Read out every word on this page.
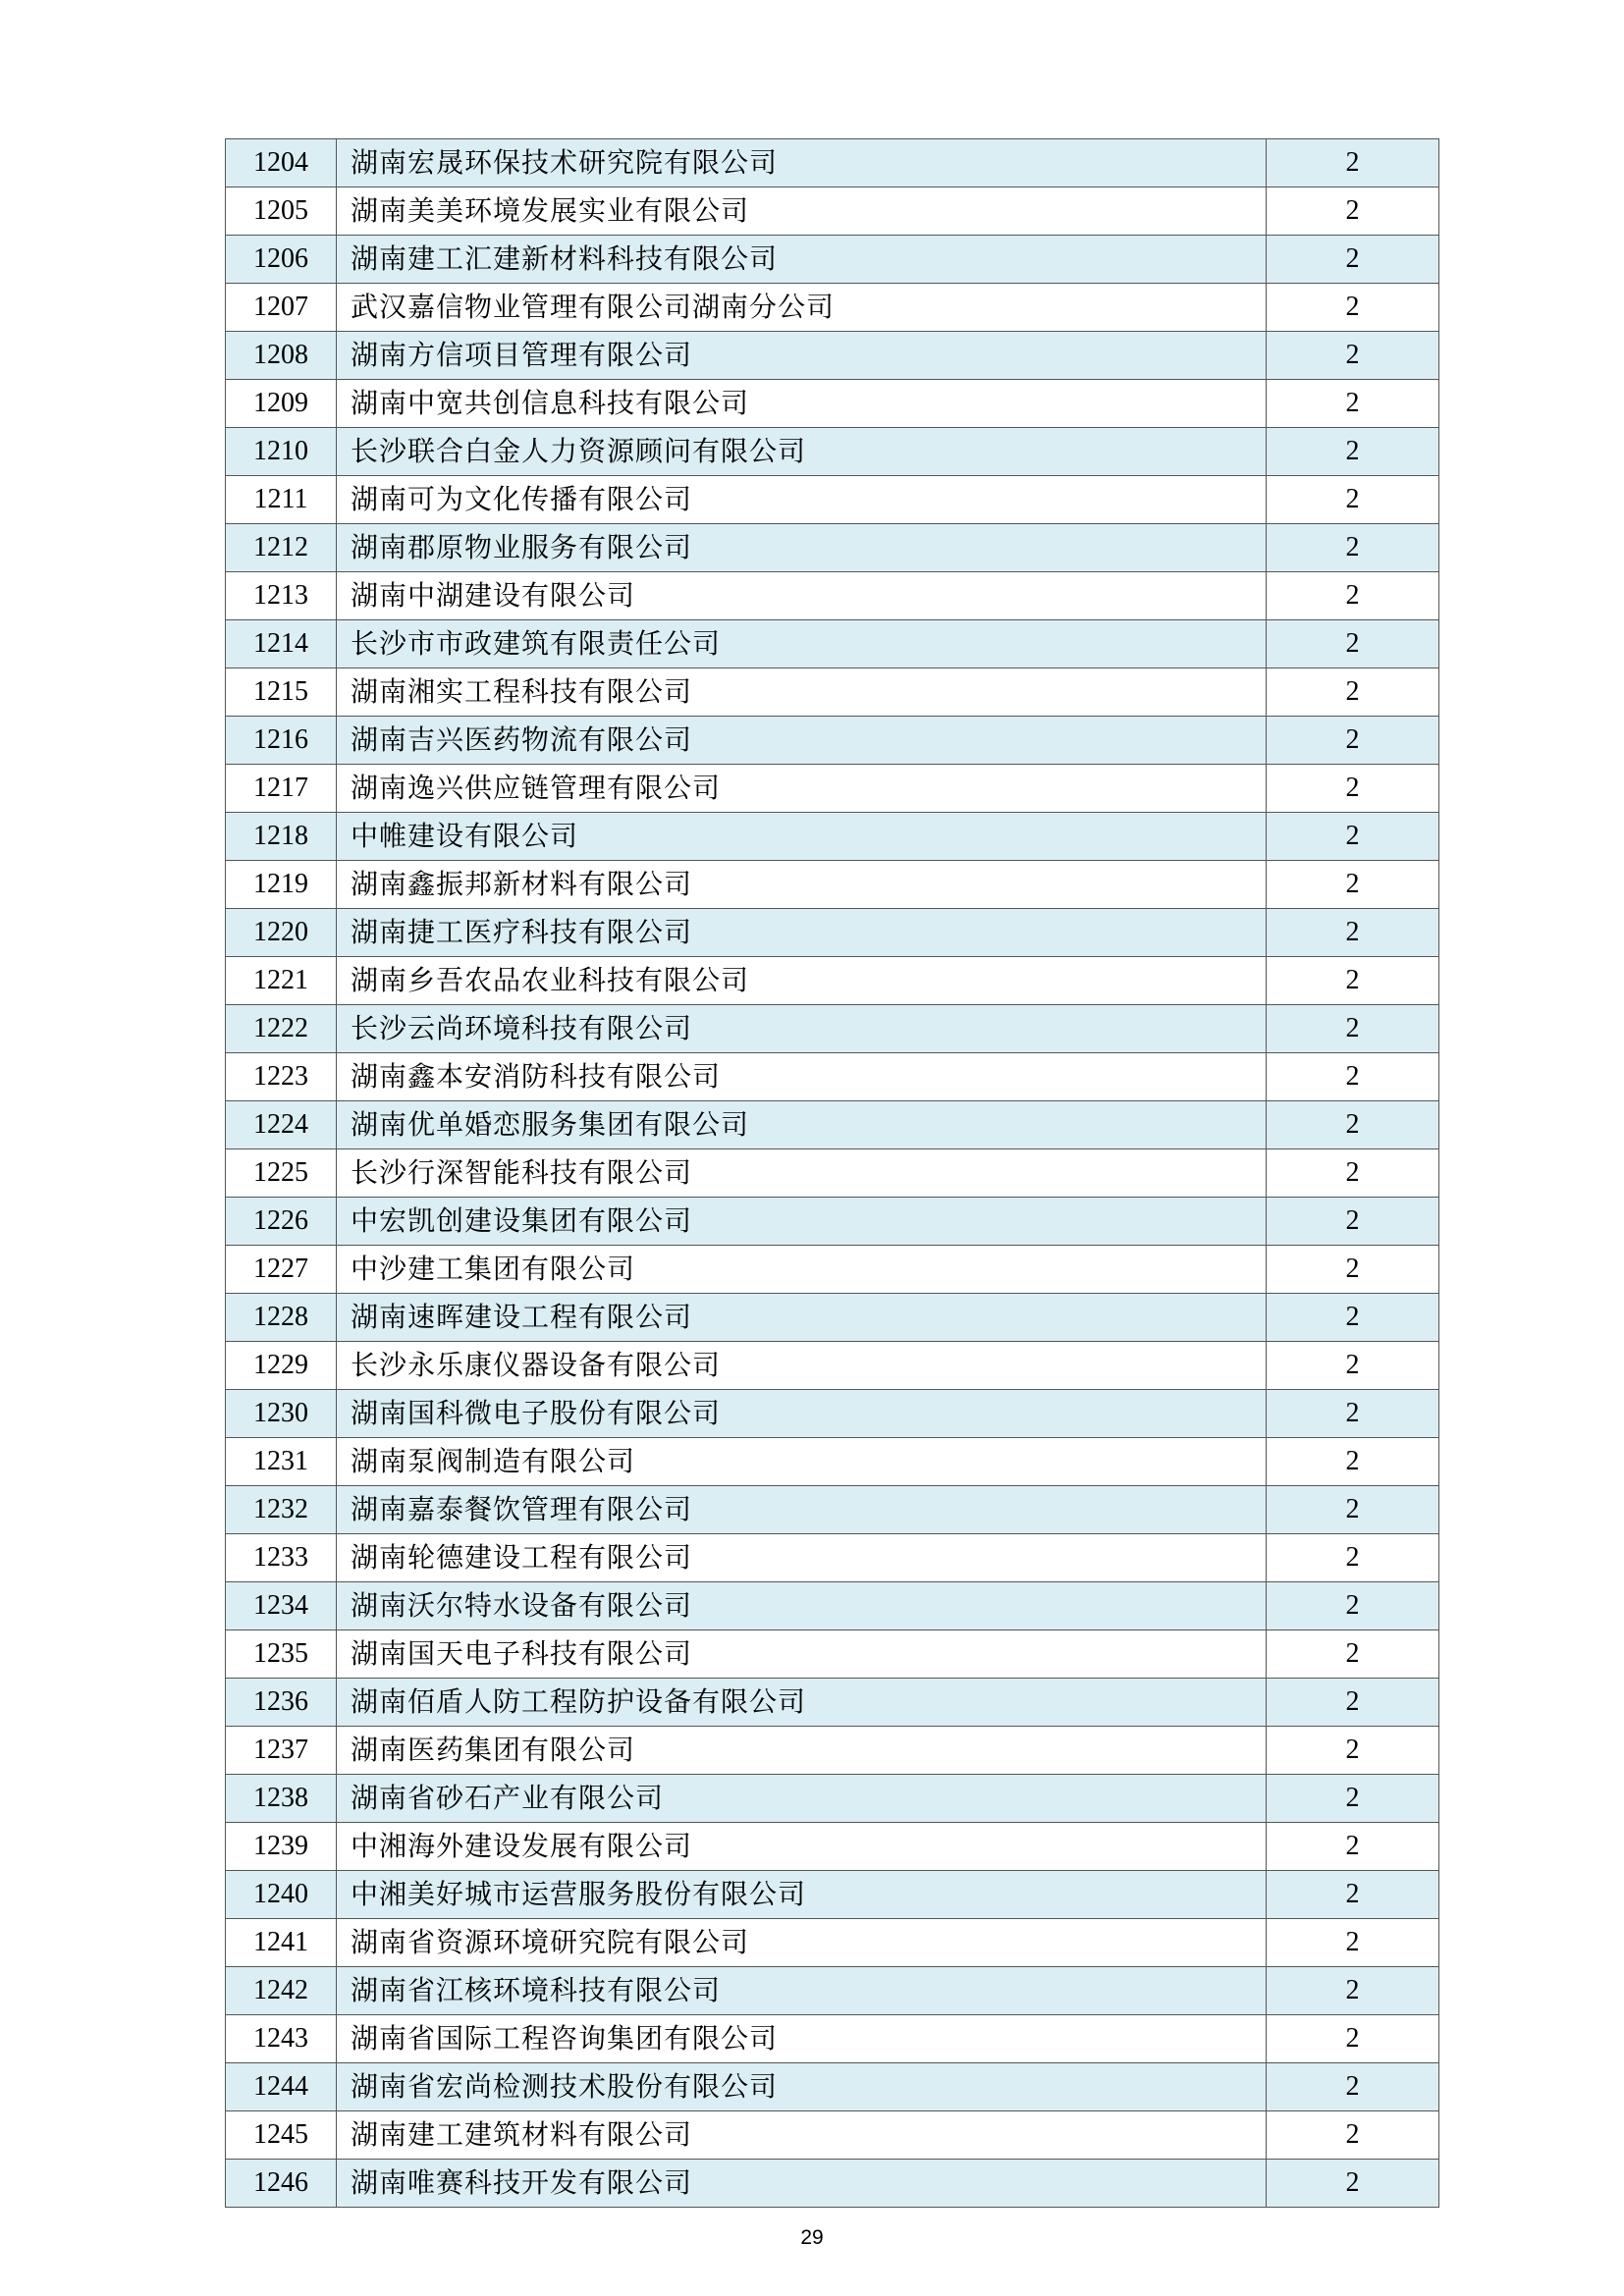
1204	湖南宏晟环保技术研究院有限公司	2
1205	湖南美美环境发展实业有限公司	2
1206	湖南建工汇建新材料科技有限公司	2
1207	武汉嘉信物业管理有限公司湖南分公司	2
1208	湖南方信项目管理有限公司	2
1209	湖南中宽共创信息科技有限公司	2
1210	长沙联合白金人力资源顾问有限公司	2
1211	湖南可为文化传播有限公司	2
1212	湖南郡原物业服务有限公司	2
1213	湖南中湖建设有限公司	2
1214	长沙市市政建筑有限责任公司	2
1215	湖南湘实工程科技有限公司	2
1216	湖南吉兴医药物流有限公司	2
1217	湖南逸兴供应链管理有限公司	2
1218	中帷建设有限公司	2
1219	湖南鑫振邦新材料有限公司	2
1220	湖南捷工医疗科技有限公司	2
1221	湖南乡吾农品农业科技有限公司	2
1222	长沙云尚环境科技有限公司	2
1223	湖南鑫本安消防科技有限公司	2
1224	湖南优单婚恋服务集团有限公司	2
1225	长沙行深智能科技有限公司	2
1226	中宏凯创建设集团有限公司	2
1227	中沙建工集团有限公司	2
1228	湖南速晖建设工程有限公司	2
1229	长沙永乐康仪器设备有限公司	2
1230	湖南国科微电子股份有限公司	2
1231	湖南泵阀制造有限公司	2
1232	湖南嘉泰餐饮管理有限公司	2
1233	湖南轮德建设工程有限公司	2
1234	湖南沃尔特水设备有限公司	2
1235	湖南国天电子科技有限公司	2
1236	湖南佰盾人防工程防护设备有限公司	2
1237	湖南医药集团有限公司	2
1238	湖南省砂石产业有限公司	2
1239	中湘海外建设发展有限公司	2
1240	中湘美好城市运营服务股份有限公司	2
1241	湖南省资源环境研究院有限公司	2
1242	湖南省江核环境科技有限公司	2
1243	湖南省国际工程咨询集团有限公司	2
1244	湖南省宏尚检测技术股份有限公司	2
1245	湖南建工建筑材料有限公司	2
1246	湖南唯赛科技开发有限公司	2
29
